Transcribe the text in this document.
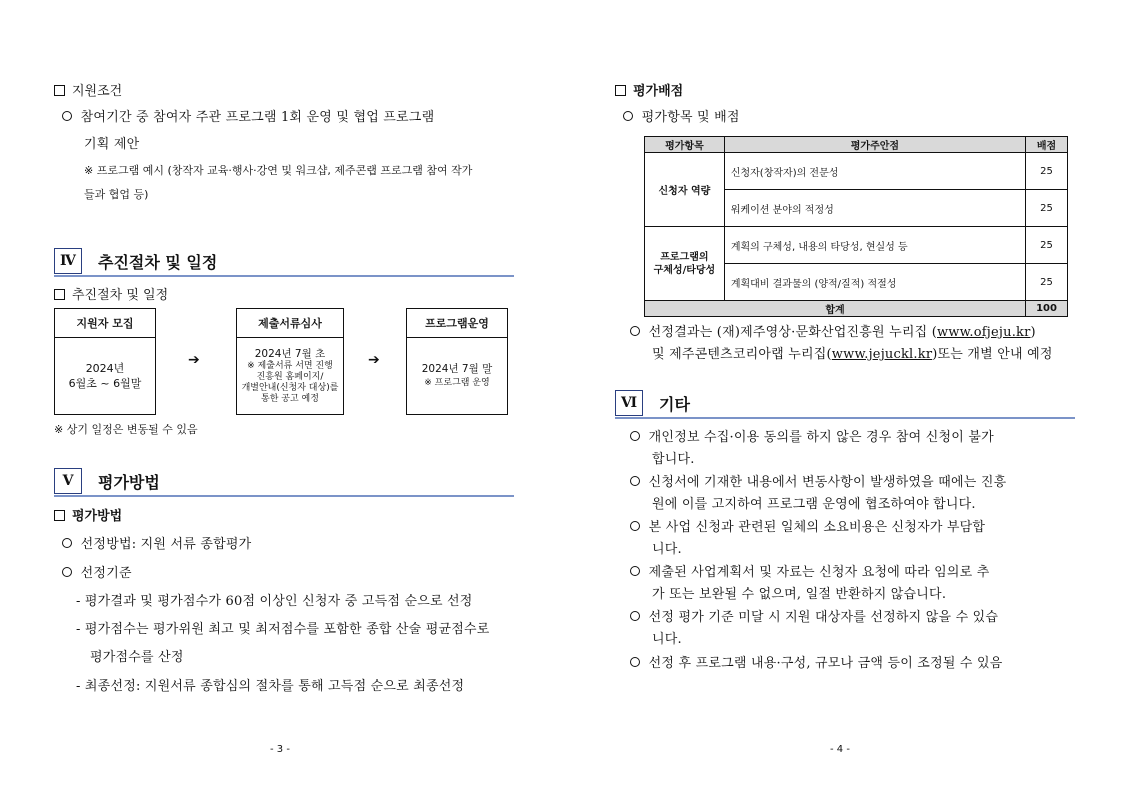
지원조건
참여기간 중 참여자 주관 프로그램 1회 운영 및 협업 프로그램
기획 제안
※ 프로그램 예시 (창작자 교육·행사·강연 및 워크샵, 제주콘랩 프로그램 참여 작가
들과 협업 등)
Ⅳ	추진절차 및 일정
추진절차 및 일정
지원자 모집
2024년
6월초 ~ 6월말
➔
제출서류심사
2024년 7월 초
※ 제출서류 서면 진행
진흥원 홈페이지/
개별안내(신청자 대상)를
통한 공고 예정
➔
프로그램운영
2024년 7월 말
※ 프로그램 운영
※ 상기 일정은 변동될 수 있음
Ⅴ	평가방법
평가방법
선정방법: 지원 서류 종합평가
선정기준
- 평가결과 및 평가점수가 60점 이상인 신청자 중 고득점 순으로 선정
- 평가점수는 평가위원 최고 및 최저점수를 포함한 종합 산술 평균점수로
평가점수를 산정
- 최종선정: 지원서류 종합심의 절차를 통해 고득점 순으로 최종선정
- 3 -
평가배점
평가항목 및 배점
평가항목	평가주안점	배점
신청자 역량	신청자(창작자)의 전문성	25
	워케이션 분야의 적정성	25

프로그램의
구체성/타당성	계획의 구체성, 내용의 타당성, 현실성 등	25
	계획대비 결과물의 (양적/질적) 적절성	25
합계		100
선정결과는 (재)제주영상·문화산업진흥원 누리집 (www.ofjeju.kr)
및 제주콘텐츠코리아랩 누리집(www.jejuckl.kr)또는 개별 안내 예정
Ⅵ	기타
개인정보 수집·이용 동의를 하지 않은 경우 참여 신청이 불가
합니다.
신청서에 기재한 내용에서 변동사항이 발생하였을 때에는 진흥
원에 이를 고지하여 프로그램 운영에 협조하여야 합니다.
본 사업 신청과 관련된 일체의 소요비용은 신청자가 부담합
니다.
제출된 사업계획서 및 자료는 신청자 요청에 따라 임의로 추
가 또는 보완될 수 없으며, 일절 반환하지 않습니다.
선정 평가 기준 미달 시 지원 대상자를 선정하지 않을 수 있습
니다.
선정 후 프로그램 내용·구성, 규모나 금액 등이 조정될 수 있음
- 4 -
